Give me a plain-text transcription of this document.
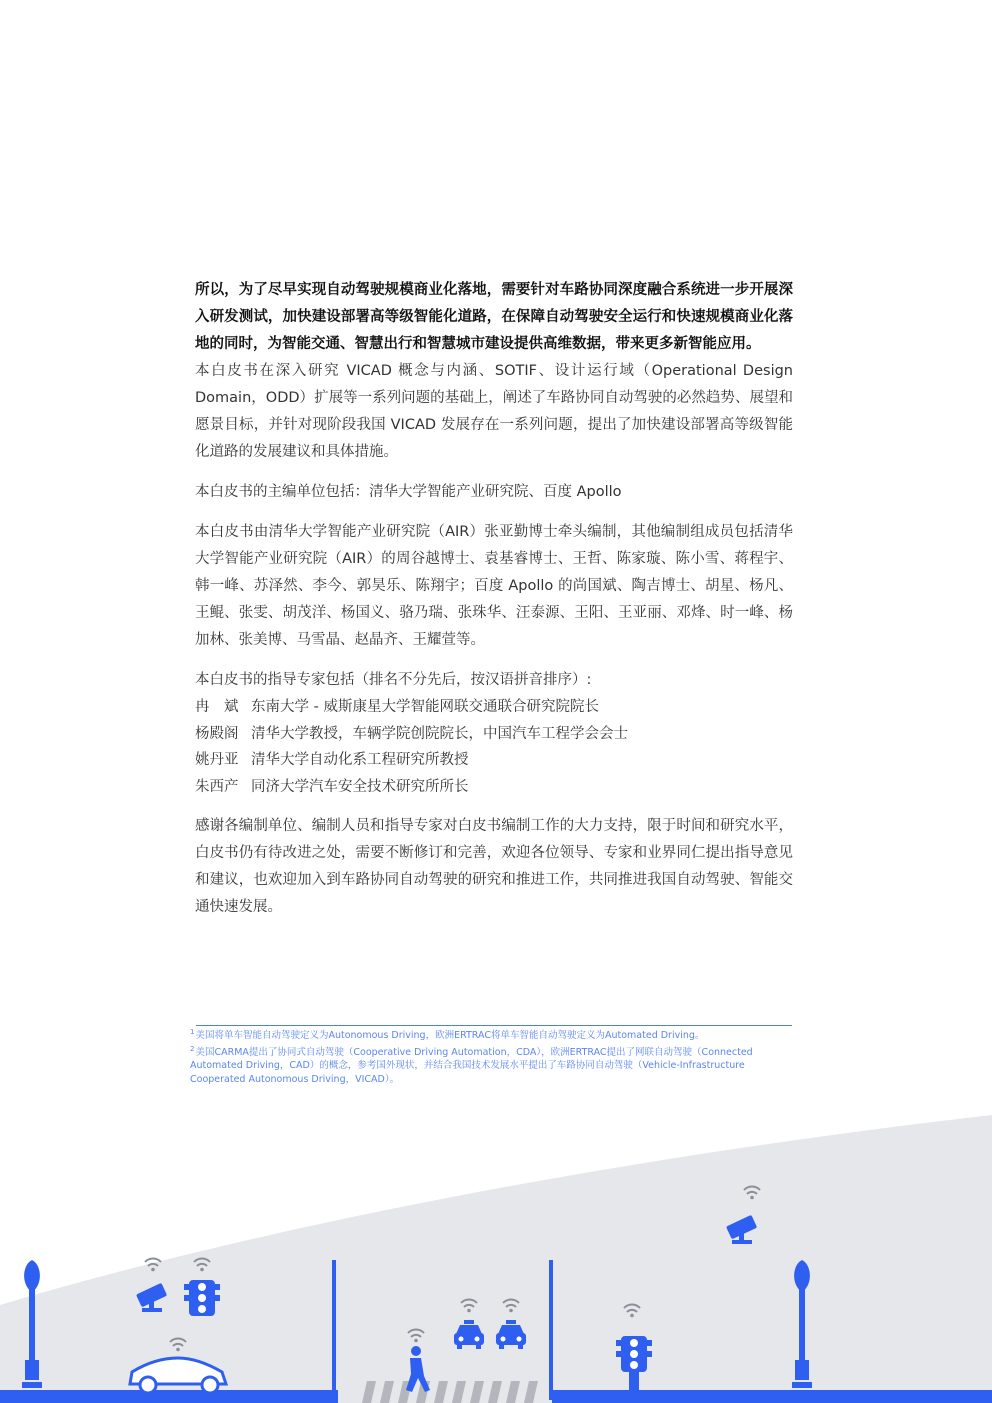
所以，为了尽早实现自动驾驶规模商业化落地，需要针对车路协同深度融合系统进一步开展深入研发测试，加快建设部署高等级智能化道路，在保障自动驾驶安全运行和快速规模商业化落地的同时，为智能交通、智慧出行和智慧城市建设提供高维数据，带来更多新智能应用。

本白皮书在深入研究 VICAD 概念与内涵、SOTIF、设计运行域（Operational Design Domain，ODD）扩展等一系列问题的基础上，阐述了车路协同自动驾驶的必然趋势、展望和愿景目标，并针对现阶段我国 VICAD 发展存在一系列问题，提出了加快建设部署高等级智能化道路的发展建议和具体措施。

本白皮书的主编单位包括：清华大学智能产业研究院、百度 Apollo

本白皮书由清华大学智能产业研究院（AIR）张亚勤博士牵头编制，其他编制组成员包括清华大学智能产业研究院（AIR）的周谷越博士、袁基睿博士、王哲、陈家璇、陈小雪、蒋程宇、韩一峰、苏泽然、李今、郭昊乐、陈翔宇；百度 Apollo 的尚国斌、陶吉博士、胡星、杨凡、王鲲、张雯、胡茂洋、杨国义、骆乃瑞、张珠华、汪泰源、王阳、王亚丽、邓烽、时一峰、杨加林、张美博、马雪晶、赵晶齐、王耀萱等。

本白皮书的指导专家包括（排名不分先后，按汉语拼音排序）:

冉　斌 东南大学 - 威斯康星大学智能网联交通联合研究院院长

杨殿阁 清华大学教授，车辆学院创院院长，中国汽车工程学会会士

姚丹亚 清华大学自动化系工程研究所教授

朱西产 同济大学汽车安全技术研究所所长

感谢各编制单位、编制人员和指导专家对白皮书编制工作的大力支持，限于时间和研究水平，白皮书仍有待改进之处，需要不断修订和完善，欢迎各位领导、专家和业界同仁提出指导意见和建议，也欢迎加入到车路协同自动驾驶的研究和推进工作，共同推进我国自动驾驶、智能交通快速发展。

$^1$美国将单车智能自动驾驶定义为Autonomous Driving，欧洲ERTRAC将单车智能自动驾驶定义为Automated Driving。

$^2$美国CARMA提出了协同式自动驾驶（Cooperative Driving Automation，CDA），欧洲ERTRAC提出了网联自动驾驶（Connected Automated Driving，CAD）的概念，参考国外现状，并结合我国技术发展水平提出了车路协同自动驾驶（Vehicle-Infrastructure Cooperated Autonomous Driving，VICAD）。
